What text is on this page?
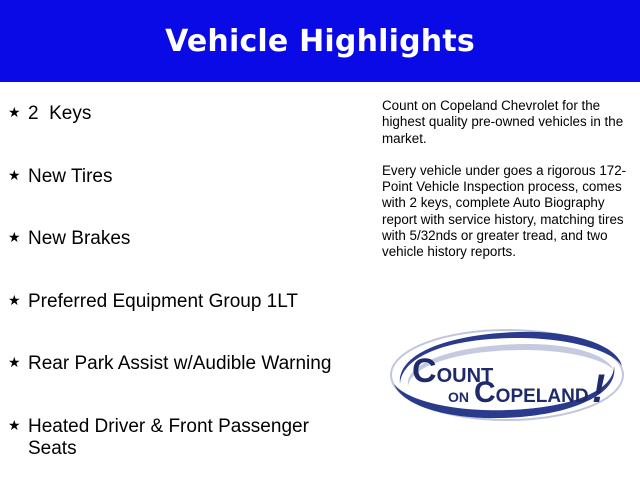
Vehicle Highlights
★ 2  Keys
★ New Tires
★ New Brakes
★ Preferred Equipment Group 1LT
★ Rear Park Assist w/Audible Warning
★ Heated Driver & Front Passenger Seats

Count on Copeland Chevrolet for the highest quality pre-owned vehicles in the market.

Every vehicle under goes a rigorous 172-Point Vehicle Inspection process, comes with 2 keys, complete Auto Biography report with service history, matching tires with 5/32nds or greater tread, and two vehicle history reports.

COUNT
ON COPELAND !
